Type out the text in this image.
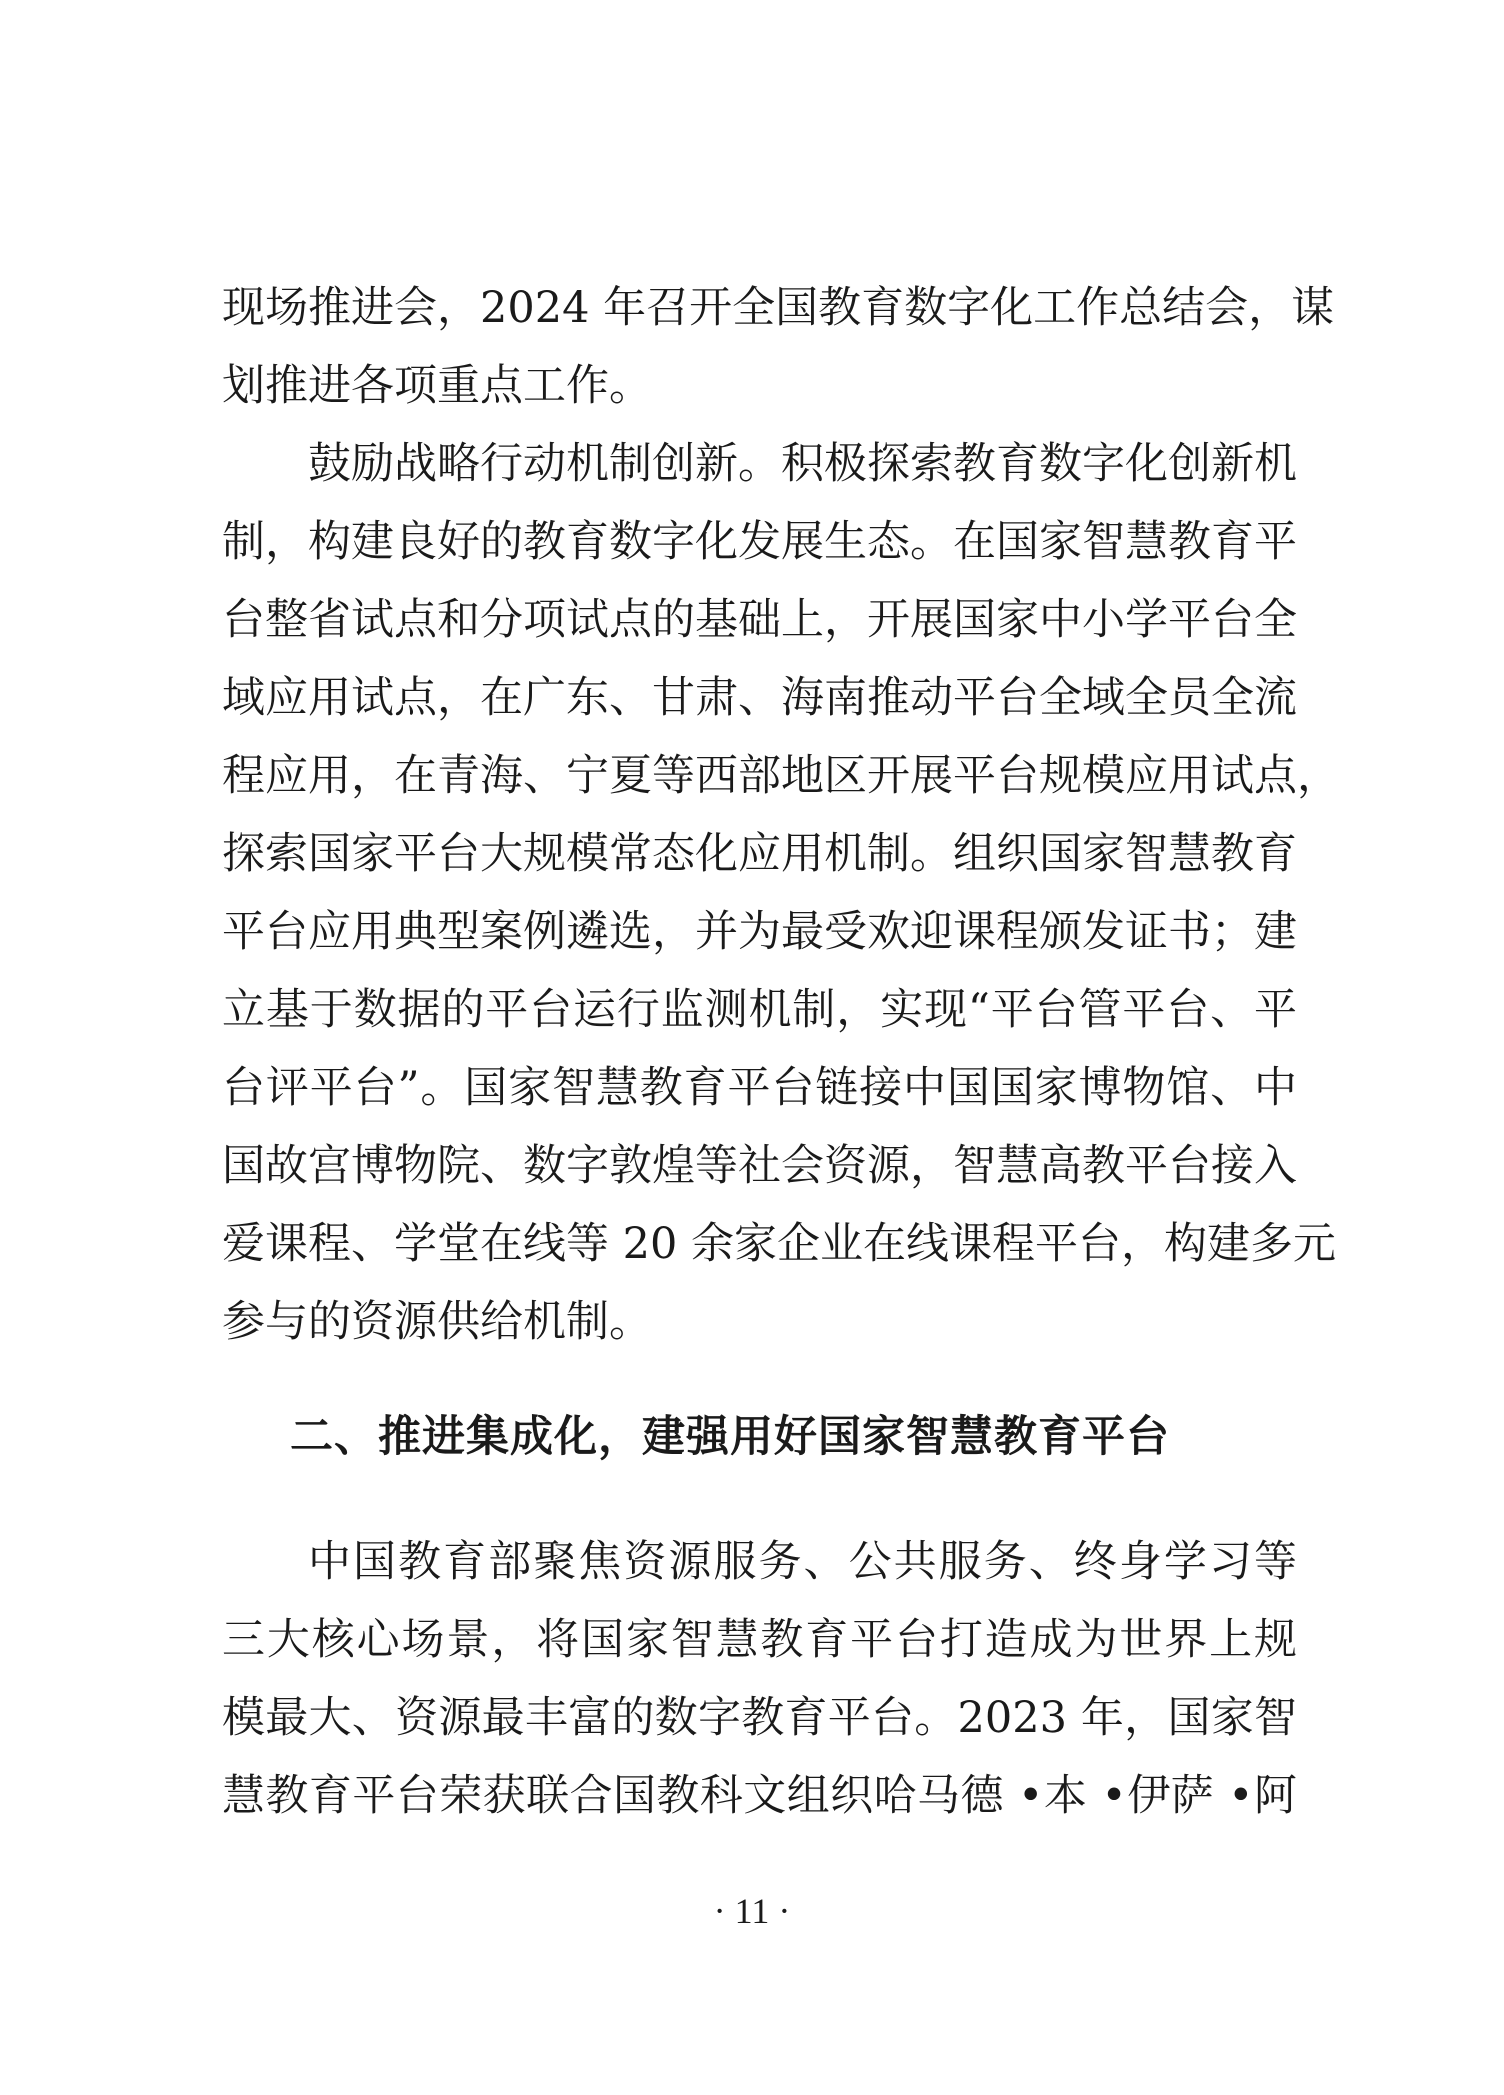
现场推进会，2024 年召开全国教育数字化工作总结会，谋
划推进各项重点工作。
鼓励战略行动机制创新。积极探索教育数字化创新机
制，构建良好的教育数字化发展生态。在国家智慧教育平
台整省试点和分项试点的基础上，开展国家中小学平台全
域应用试点，在广东、甘肃、海南推动平台全域全员全流
程应用，在青海、宁夏等西部地区开展平台规模应用试点，
探索国家平台大规模常态化应用机制。组织国家智慧教育
平台应用典型案例遴选，并为最受欢迎课程颁发证书；建
立基于数据的平台运行监测机制，实现“平台管平台、平
台评平台”。国家智慧教育平台链接中国国家博物馆、中
国故宫博物院、数字敦煌等社会资源，智慧高教平台接入
爱课程、学堂在线等 20 余家企业在线课程平台，构建多元
参与的资源供给机制。
二、推进集成化，建强用好国家智慧教育平台
中国教育部聚焦资源服务、公共服务、终身学习等
三大核心场景，将国家智慧教育平台打造成为世界上规
模最大、资源最丰富的数字教育平台。2023 年，国家智
慧教育平台荣获联合国教科文组织哈马德 •本 •伊萨 •阿
· 11 ·
